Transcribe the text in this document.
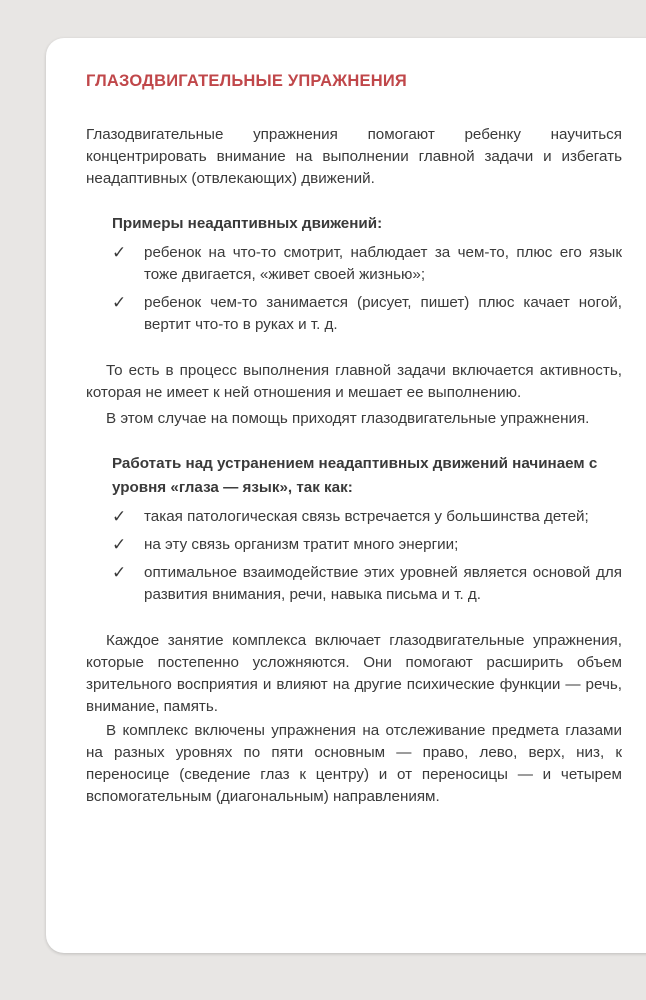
ГЛАЗОДВИГАТЕЛЬНЫЕ УПРАЖНЕНИЯ

Глазодвигательные упражнения помогают ребенку научиться концентрировать внимание на выполнении главной задачи и избегать неадаптивных (отвлекающих) движений.

Примеры неадаптивных движений:
✓ ребенок на что-то смотрит, наблюдает за чем-то, плюс его язык тоже двигается, «живет своей жизнью»;
✓ ребенок чем-то занимается (рисует, пишет) плюс качает ногой, вертит что-то в руках и т. д.

То есть в процесс выполнения главной задачи включается активность, которая не имеет к ней отношения и мешает ее выполнению.

В этом случае на помощь приходят глазодвигательные упражнения.

Работать над устранением неадаптивных движений начинаем с уровня «глаза — язык», так как:
✓ такая патологическая связь встречается у большинства детей;
✓ на эту связь организм тратит много энергии;
✓ оптимальное взаимодействие этих уровней является основой для развития внимания, речи, навыка письма и т. д.

Каждое занятие комплекса включает глазодвигательные упражнения, которые постепенно усложняются. Они помогают расширить объем зрительного восприятия и влияют на другие психические функции — речь, внимание, память.

В комплекс включены упражнения на отслеживание предмета глазами на разных уровнях по пяти основным — право, лево, верх, низ, к переносице (сведение глаз к центру) и от переносицы — и четырем вспомогательным (диагональным) направлениям.
